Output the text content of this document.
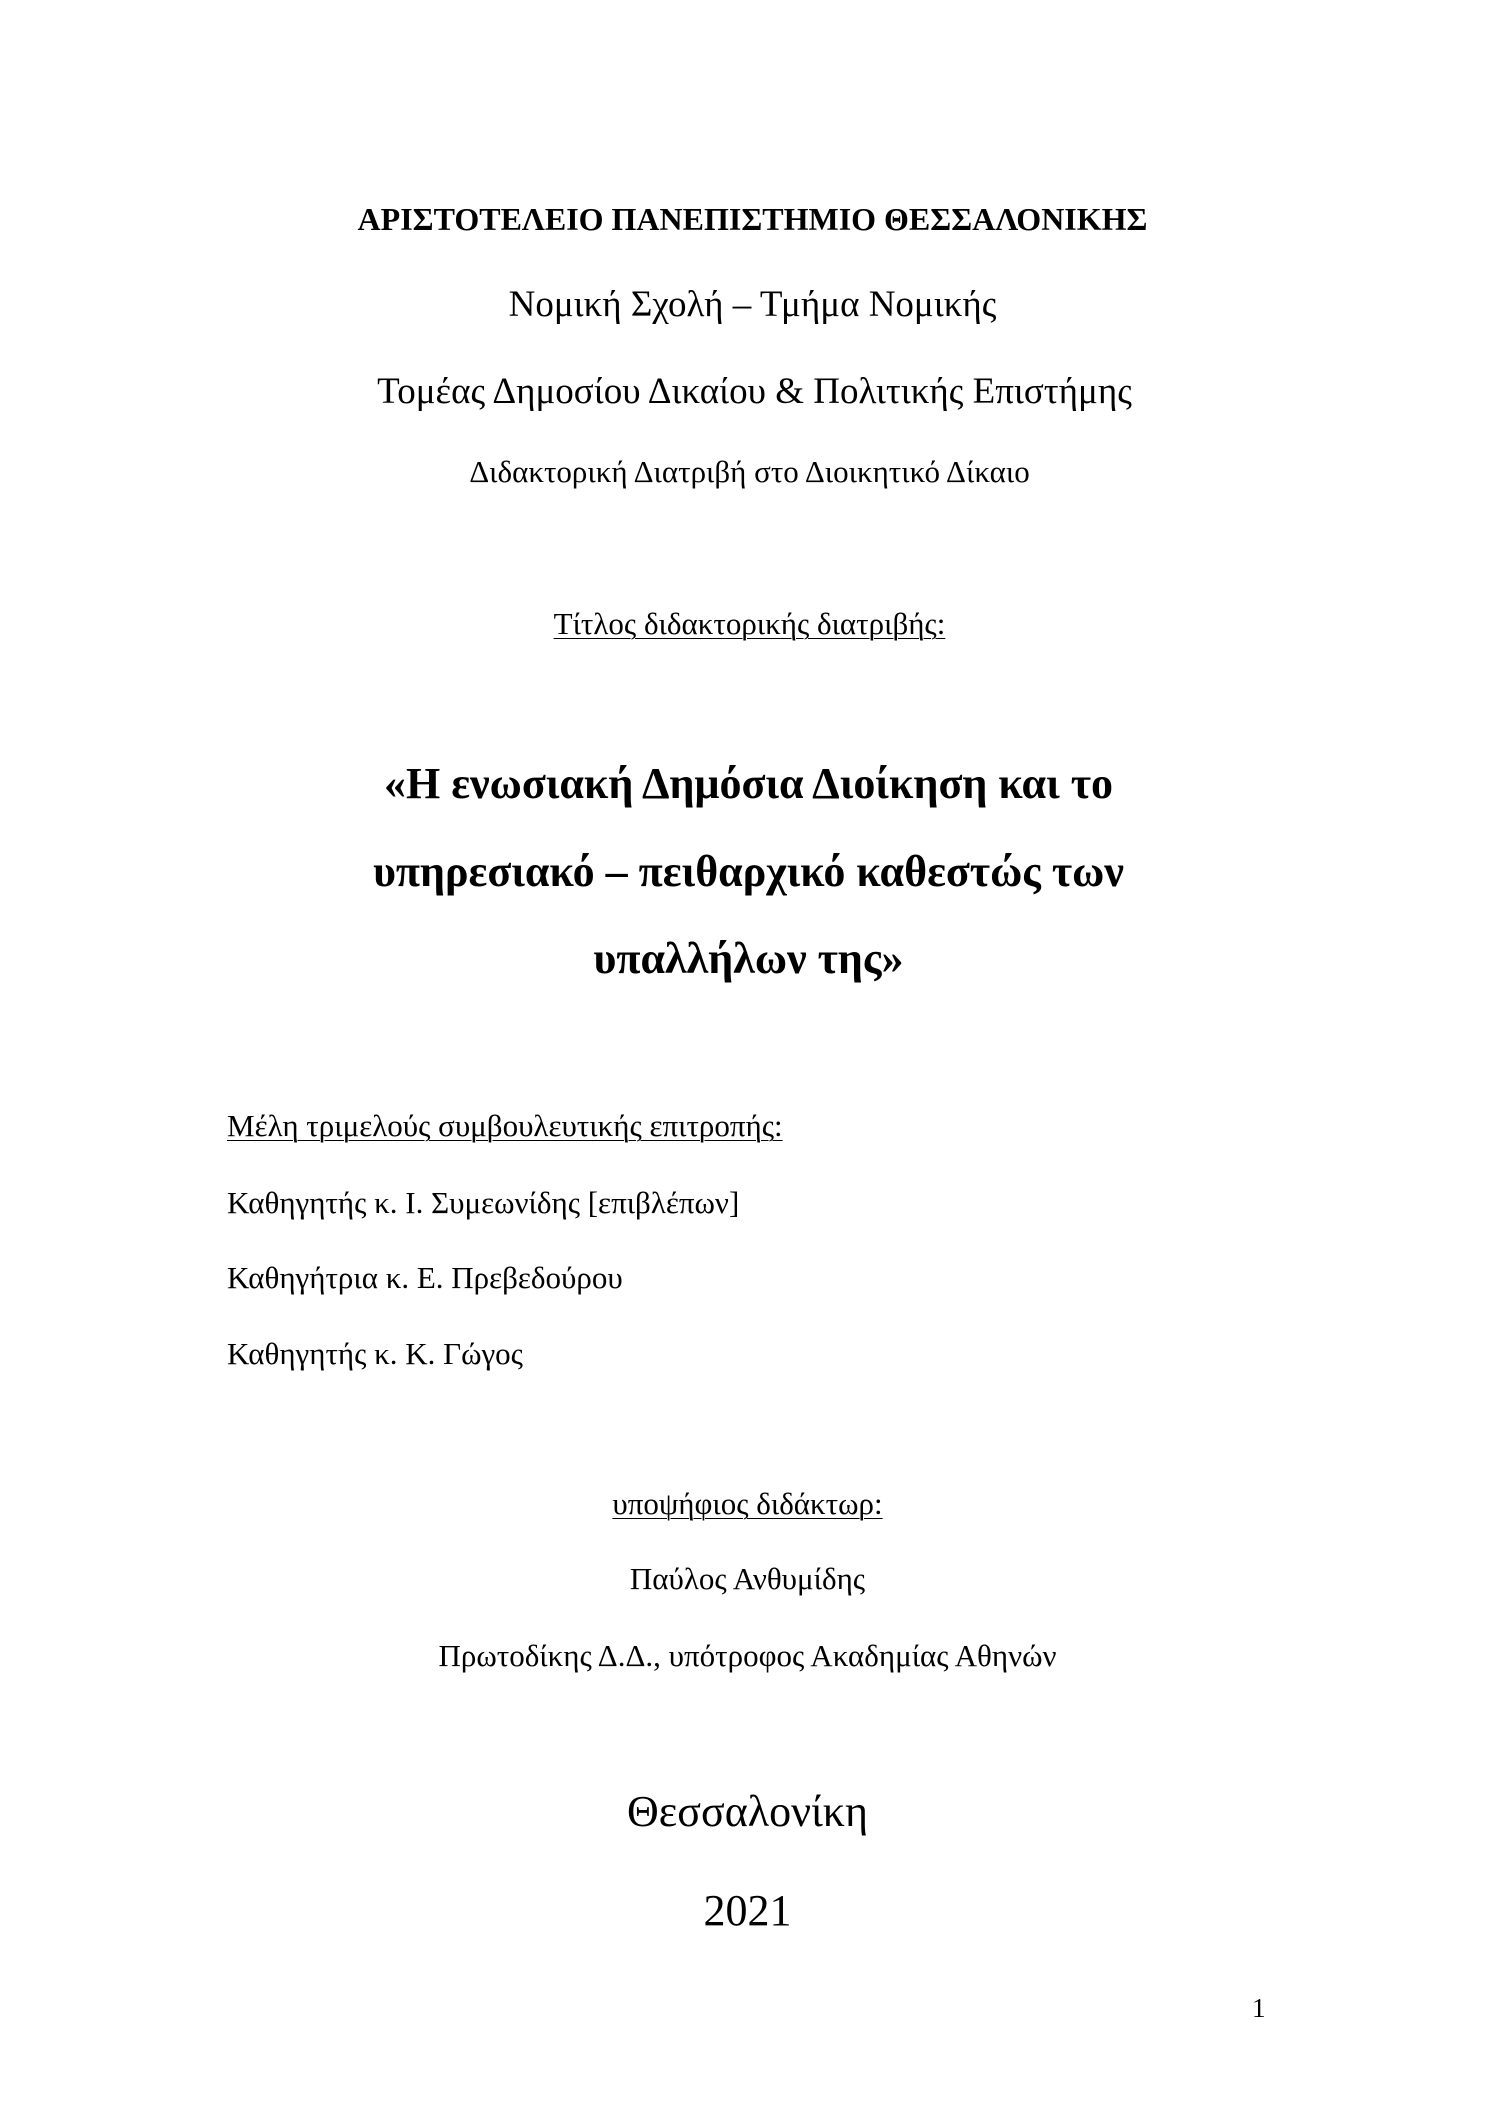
ΑΡΙΣΤΟΤΕΛΕΙΟ ΠΑΝΕΠΙΣΤΗΜΙΟ ΘΕΣΣΑΛΟΝΙΚΗΣ
Νομική Σχολή – Τμήμα Νομικής
Τομέας Δημοσίου Δικαίου & Πολιτικής Επιστήμης
Διδακτορική Διατριβή στο Διοικητικό Δίκαιο
Τίτλος διδακτορικής διατριβής:
«Η ενωσιακή Δημόσια Διοίκηση και το
υπηρεσιακό – πειθαρχικό καθεστώς των
υπαλλήλων της»
Μέλη τριμελούς συμβουλευτικής επιτροπής:
Καθηγητής κ. Ι. Συμεωνίδης [επιβλέπων]
Καθηγήτρια κ. Ε. Πρεβεδούρου
Καθηγητής κ. Κ. Γώγος
υποψήφιος διδάκτωρ:
Παύλος Ανθυμίδης
Πρωτοδίκης Δ.Δ., υπότροφος Ακαδημίας Αθηνών
Θεσσαλονίκη
2021
1
